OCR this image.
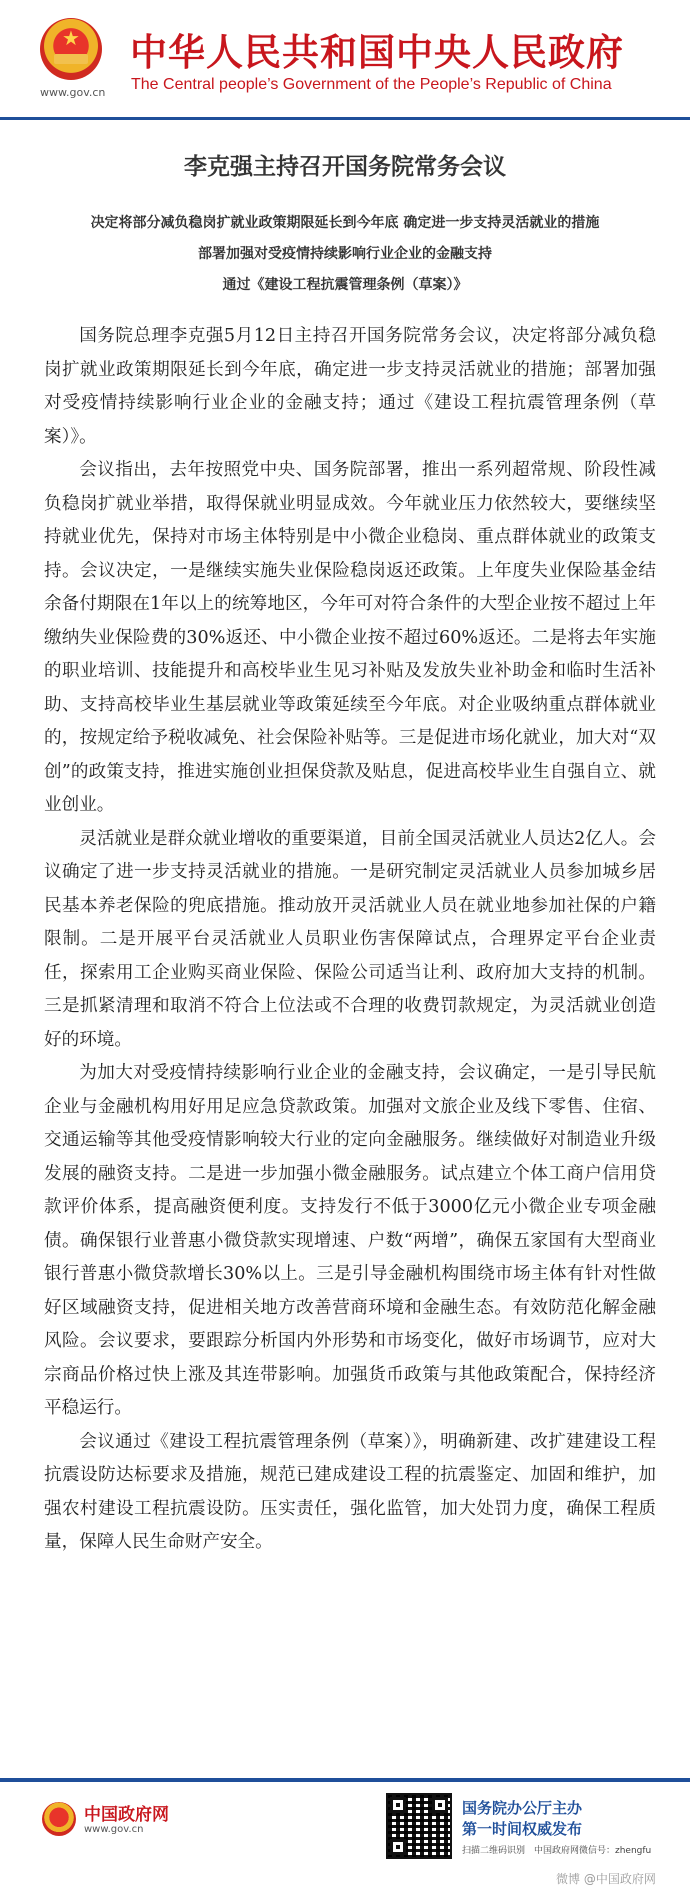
★
www.gov.cn
中华人民共和国中央人民政府
The Central people’s Government of the People’s Republic of China
李克强主持召开国务院常务会议
决定将部分减负稳岗扩就业政策期限延长到今年底 确定进一步支持灵活就业的措施
部署加强对受疫情持续影响行业企业的金融支持
通过《建设工程抗震管理条例（草案）》

国务院总理李克强5月12日主持召开国务院常务会议，决定将部分减负稳岗扩就业政策期限延长到今年底，确定进一步支持灵活就业的措施；部署加强对受疫情持续影响行业企业的金融支持；通过《建设工程抗震管理条例（草案）》。

会议指出，去年按照党中央、国务院部署，推出一系列超常规、阶段性减负稳岗扩就业举措，取得保就业明显成效。今年就业压力依然较大，要继续坚持就业优先，保持对市场主体特别是中小微企业稳岗、重点群体就业的政策支持。会议决定，一是继续实施失业保险稳岗返还政策。上年度失业保险基金结余备付期限在1年以上的统筹地区，今年可对符合条件的大型企业按不超过上年缴纳失业保险费的30%返还、中小微企业按不超过60%返还。二是将去年实施的职业培训、技能提升和高校毕业生见习补贴及发放失业补助金和临时生活补助、支持高校毕业生基层就业等政策延续至今年底。对企业吸纳重点群体就业的，按规定给予税收减免、社会保险补贴等。三是促进市场化就业，加大对“双创”的政策支持，推进实施创业担保贷款及贴息，促进高校毕业生自强自立、就业创业。

灵活就业是群众就业增收的重要渠道，目前全国灵活就业人员达2亿人。会议确定了进一步支持灵活就业的措施。一是研究制定灵活就业人员参加城乡居民基本养老保险的兜底措施。推动放开灵活就业人员在就业地参加社保的户籍限制。二是开展平台灵活就业人员职业伤害保障试点，合理界定平台企业责任，探索用工企业购买商业保险、保险公司适当让利、政府加大支持的机制。三是抓紧清理和取消不符合上位法或不合理的收费罚款规定，为灵活就业创造好的环境。

为加大对受疫情持续影响行业企业的金融支持，会议确定，一是引导民航企业与金融机构用好用足应急贷款政策。加强对文旅企业及线下零售、住宿、交通运输等其他受疫情影响较大行业的定向金融服务。继续做好对制造业升级发展的融资支持。二是进一步加强小微金融服务。试点建立个体工商户信用贷款评价体系，提高融资便利度。支持发行不低于3000亿元小微企业专项金融债。确保银行业普惠小微贷款实现增速、户数“两增”，确保五家国有大型商业银行普惠小微贷款增长30%以上。三是引导金融机构围绕市场主体有针对性做好区域融资支持，促进相关地方改善营商环境和金融生态。有效防范化解金融风险。会议要求，要跟踪分析国内外形势和市场变化，做好市场调节，应对大宗商品价格过快上涨及其连带影响。加强货币政策与其他政策配合，保持经济平稳运行。

会议通过《建设工程抗震管理条例（草案）》，明确新建、改扩建建设工程抗震设防达标要求及措施，规范已建成建设工程的抗震鉴定、加固和维护，加强农村建设工程抗震设防。压实责任，强化监管，加大处罚力度，确保工程质量，保障人民生命财产安全。

中国政府网
www.gov.cn
国务院办公厅主办
第一时间权威发布
扫描二维码识别　中国政府网微信号：zhengfu
微博 @中国政府网
